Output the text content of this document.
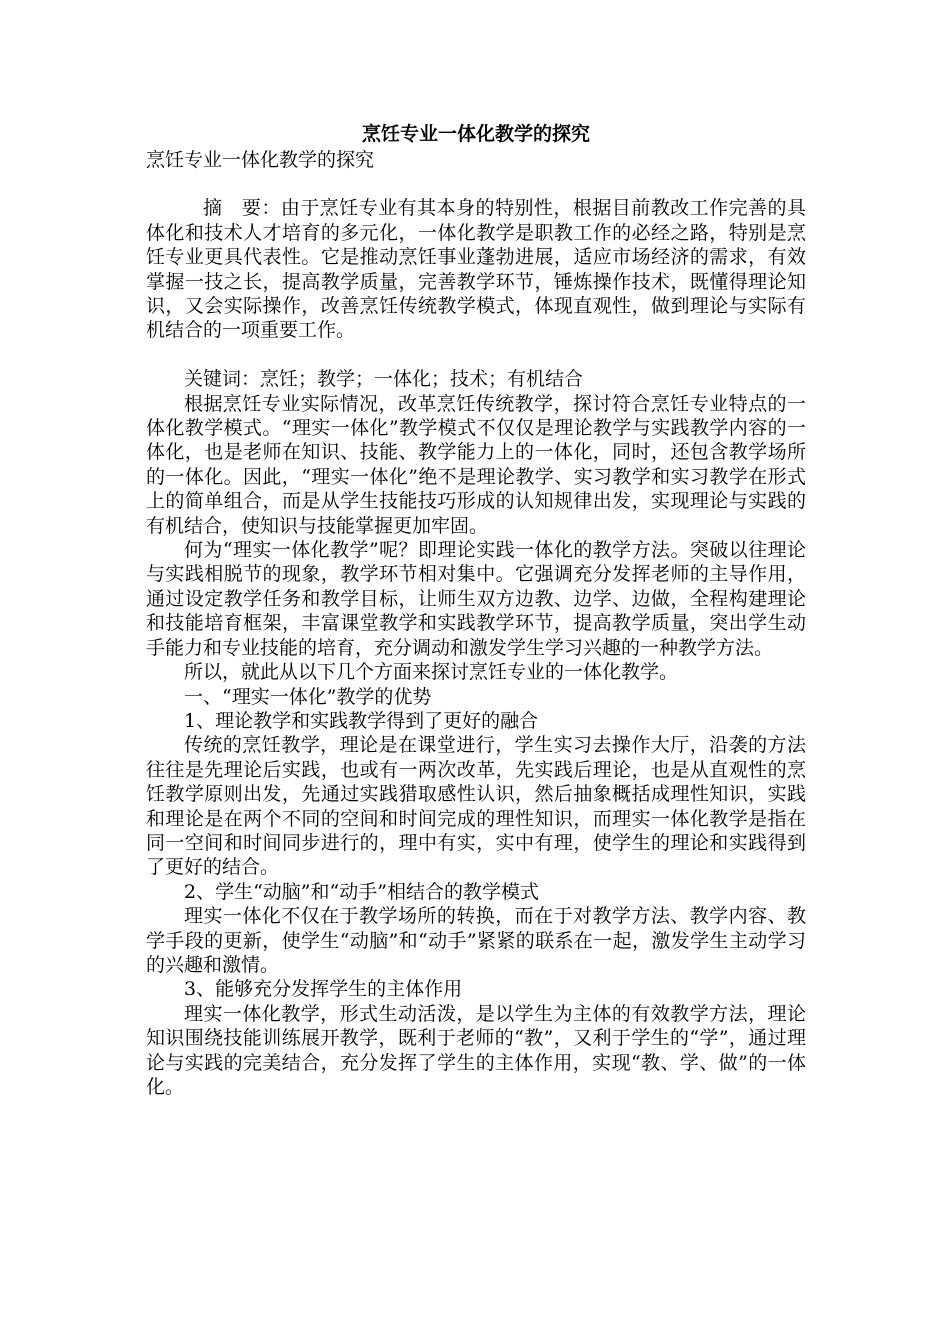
烹饪专业一体化教学的探究

烹饪专业一体化教学的探究

摘　要：由于烹饪专业有其本身的特别性，根据目前教改工作完善的具体化和技术人才培育的多元化，一体化教学是职教工作的必经之路，特别是烹饪专业更具代表性。它是推动烹饪事业蓬勃进展，适应市场经济的需求，有效掌握一技之长，提高教学质量，完善教学环节，锤炼操作技术，既懂得理论知识，又会实际操作，改善烹饪传统教学模式，体现直观性，做到理论与实际有机结合的一项重要工作。

关键词：烹饪；教学；一体化；技术；有机结合

根据烹饪专业实际情况，改革烹饪传统教学，探讨符合烹饪专业特点的一体化教学模式。“理实一体化”教学模式不仅仅是理论教学与实践教学内容的一体化，也是老师在知识、技能、教学能力上的一体化，同时，还包含教学场所的一体化。因此，“理实一体化”绝不是理论教学、实习教学和实习教学在形式上的简单组合，而是从学生技能技巧形成的认知规律出发，实现理论与实践的有机结合，使知识与技能掌握更加牢固。

何为“理实一体化教学”呢？即理论实践一体化的教学方法。突破以往理论与实践相脱节的现象，教学环节相对集中。它强调充分发挥老师的主导作用，通过设定教学任务和教学目标，让师生双方边教、边学、边做，全程构建理论和技能培育框架，丰富课堂教学和实践教学环节，提高教学质量，突出学生动手能力和专业技能的培育，充分调动和激发学生学习兴趣的一种教学方法。

所以，就此从以下几个方面来探讨烹饪专业的一体化教学。

一、“理实一体化”教学的优势

1、理论教学和实践教学得到了更好的融合

传统的烹饪教学，理论是在课堂进行，学生实习去操作大厅，沿袭的方法往往是先理论后实践，也或有一两次改革，先实践后理论，也是从直观性的烹饪教学原则出发，先通过实践猎取感性认识，然后抽象概括成理性知识，实践和理论是在两个不同的空间和时间完成的理性知识，而理实一体化教学是指在同一空间和时间同步进行的，理中有实，实中有理，使学生的理论和实践得到了更好的结合。

2、学生“动脑”和“动手”相结合的教学模式

理实一体化不仅在于教学场所的转换，而在于对教学方法、教学内容、教学手段的更新，使学生“动脑”和“动手”紧紧的联系在一起，激发学生主动学习的兴趣和激情。

3、能够充分发挥学生的主体作用

理实一体化教学，形式生动活泼，是以学生为主体的有效教学方法，理论知识围绕技能训练展开教学，既利于老师的“教”，又利于学生的“学”，通过理论与实践的完美结合，充分发挥了学生的主体作用，实现“教、学、做”的一体化。
